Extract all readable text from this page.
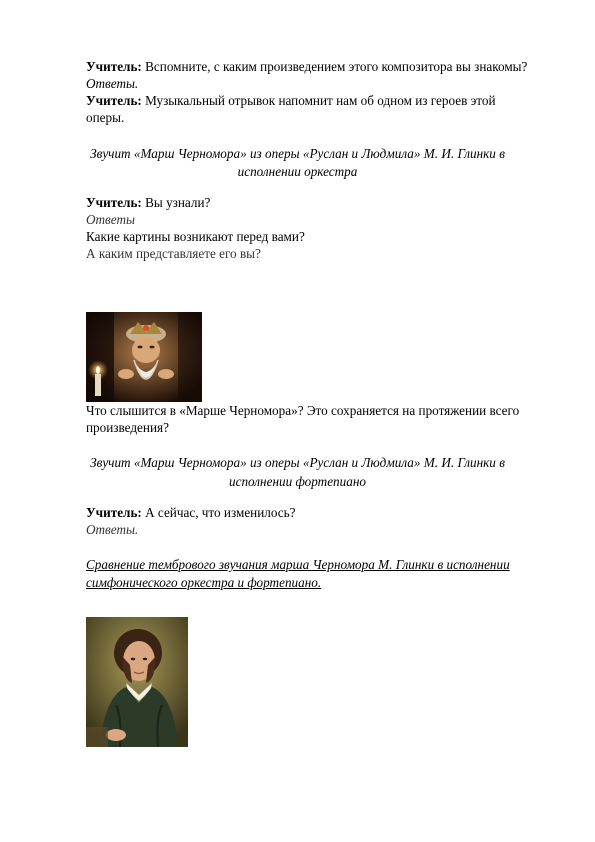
Учитель: Вспомните, с каким произведением этого композитора вы знакомы?
Ответы.
Учитель: Музыкальный отрывок напомнит нам об одном из героев этой
оперы.
Звучит «Марш Черномора» из оперы «Руслан и Людмила» М. И. Глинки в
исполнении оркестра
Учитель: Вы узнали?
Ответы
Какие картины возникают перед вами?
А каким представляете его вы?
Что слышится в «Марше Черномора»? Это сохраняется на протяжении всего
произведения?
Звучит «Марш Черномора» из оперы «Руслан и Людмила» М. И. Глинки в
исполнении фортепиано
Учитель: А сейчас, что изменилось?
Ответы.
Сравнение тембрового звучания марша Черномора М. Глинки в исполнении
симфонического оркестра и фортепиано.
